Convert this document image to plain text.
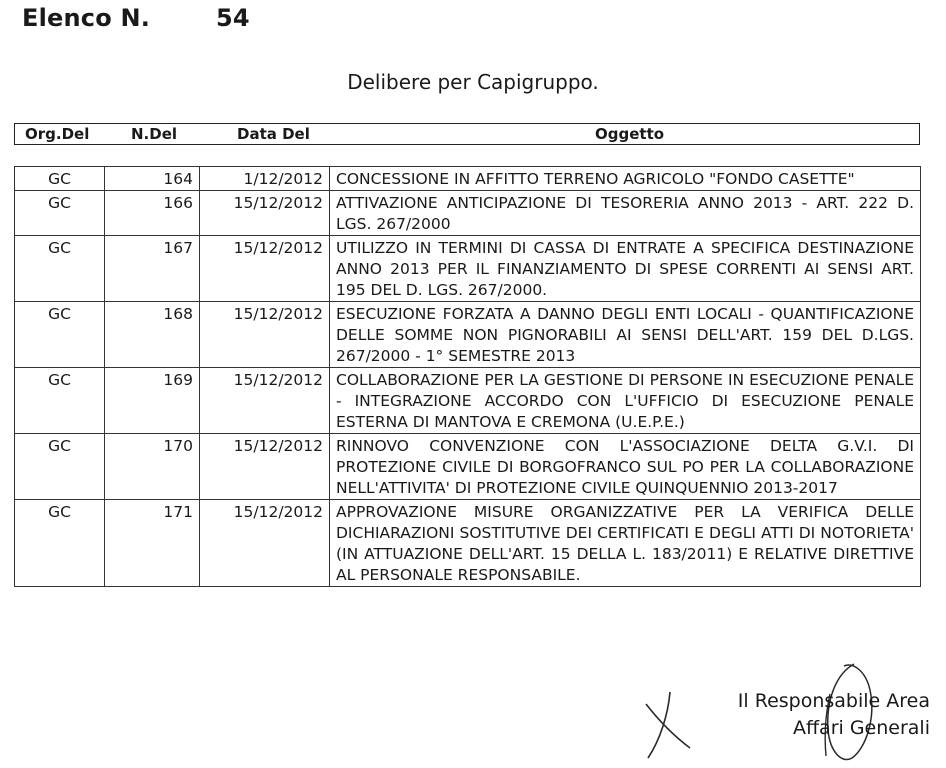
Elenco N.	54
Delibere per Capigruppo.
Org.Del	N.Del	Data Del	Oggetto
GC	164	1/12/2012	CONCESSIONE IN AFFITTO TERRENO AGRICOLO "FONDO CASETTE"
GC	166	15/12/2012	ATTIVAZIONE ANTICIPAZIONE DI TESORERIA ANNO 2013 - ART. 222 D. LGS. 267/2000
GC	167	15/12/2012	UTILIZZO IN TERMINI DI CASSA DI ENTRATE A SPECIFICA DESTINAZIONE ANNO 2013 PER IL FINANZIAMENTO DI SPESE CORRENTI AI SENSI ART. 195 DEL D. LGS. 267/2000.
GC	168	15/12/2012	ESECUZIONE FORZATA A DANNO DEGLI ENTI LOCALI - QUANTIFICAZIONE DELLE SOMME NON PIGNORABILI AI SENSI DELL'ART. 159 DEL D.LGS. 267/2000 - 1° SEMESTRE 2013
GC	169	15/12/2012	COLLABORAZIONE PER LA GESTIONE DI PERSONE IN ESECUZIONE PENALE - INTEGRAZIONE ACCORDO CON L'UFFICIO DI ESECUZIONE PENALE ESTERNA DI MANTOVA E CREMONA (U.E.P.E.)
GC	170	15/12/2012	RINNOVO CONVENZIONE CON L'ASSOCIAZIONE DELTA G.V.I. DI PROTEZIONE CIVILE DI BORGOFRANCO SUL PO PER LA COLLABORAZIONE NELL'ATTIVITA' DI PROTEZIONE CIVILE QUINQUENNIO 2013-2017
GC	171	15/12/2012	APPROVAZIONE MISURE ORGANIZZATIVE PER LA VERIFICA DELLE DICHIARAZIONI SOSTITUTIVE DEI CERTIFICATI E DEGLI ATTI DI NOTORIETA' (IN ATTUAZIONE DELL'ART. 15 DELLA L. 183/2011) E RELATIVE DIRETTIVE AL PERSONALE RESPONSABILE.
Il Responsabile Area
Affari Generali
